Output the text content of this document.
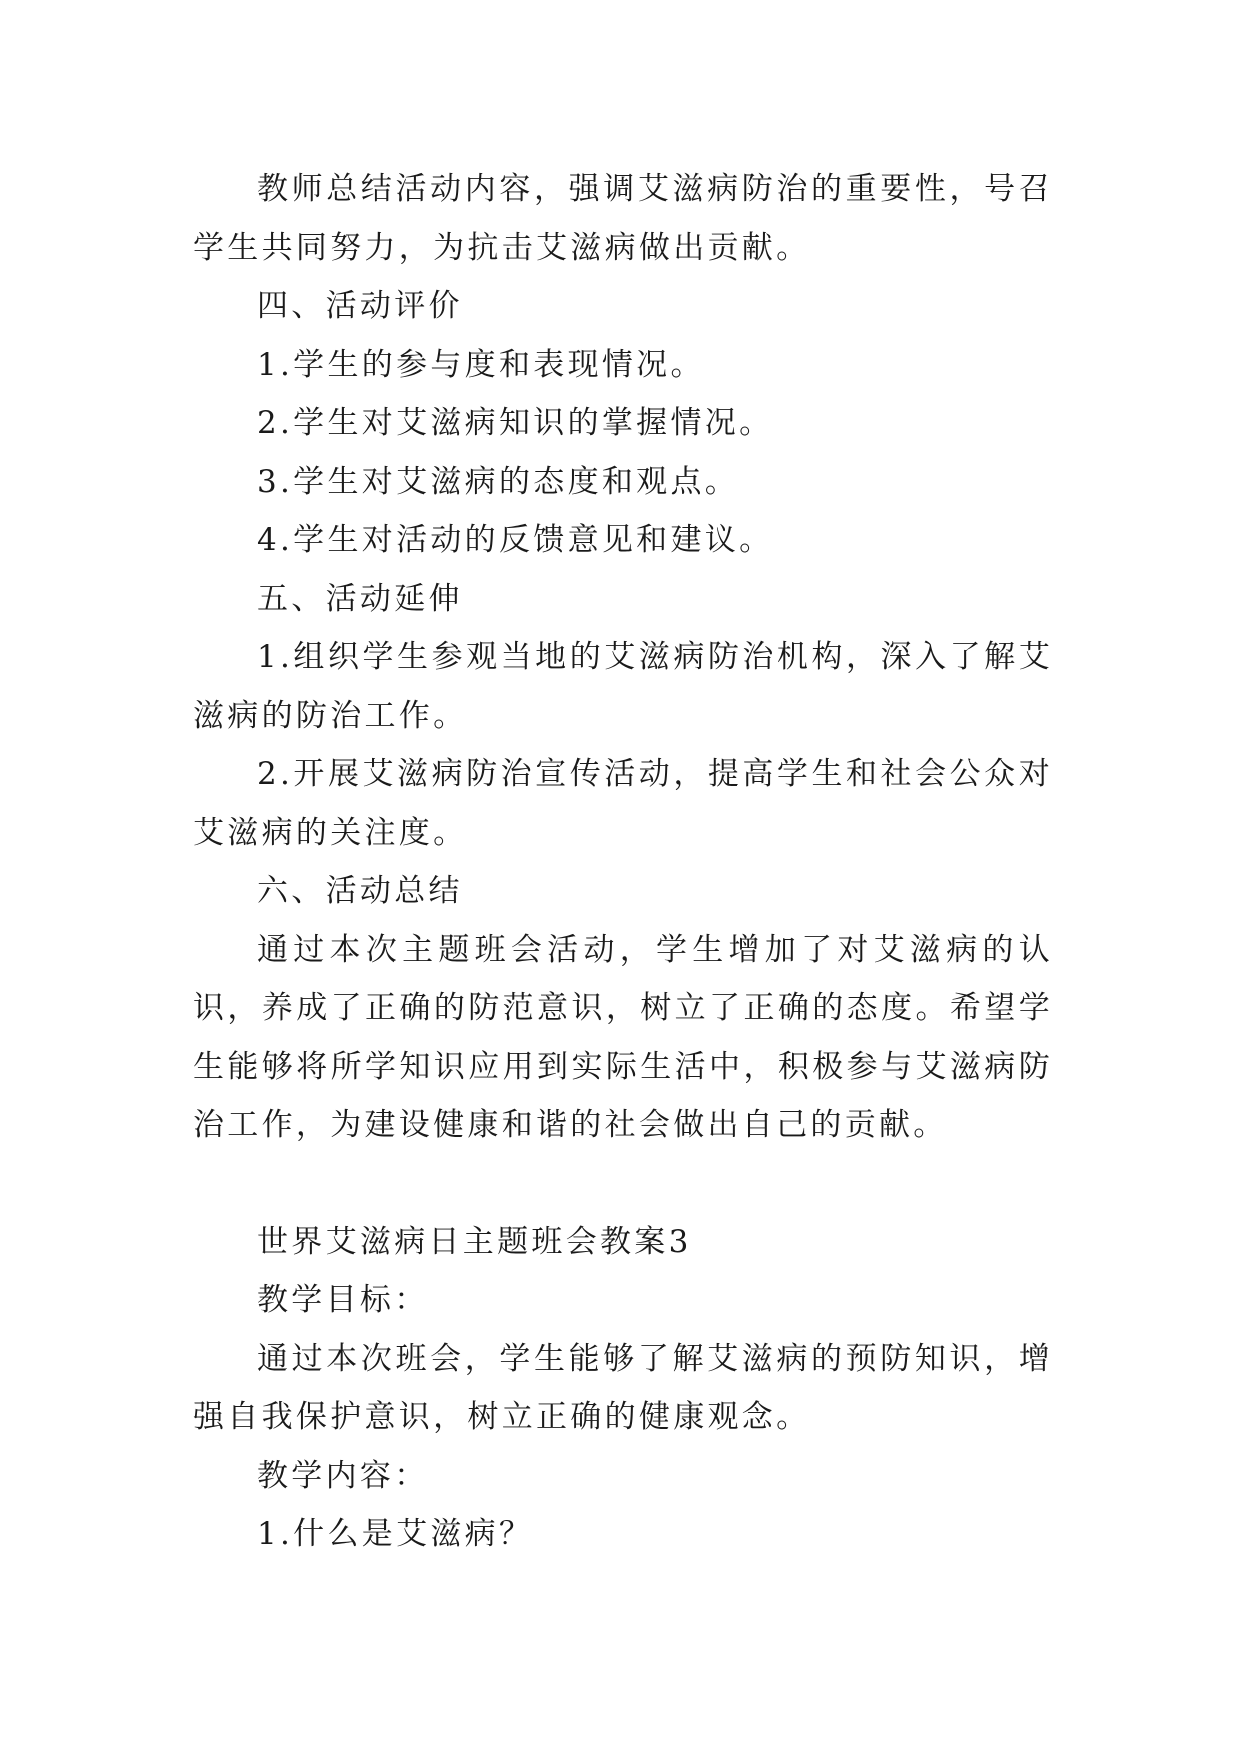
教师总结活动内容，强调艾滋病防治的重要性，号召学生共同努力，为抗击艾滋病做出贡献。

四、活动评价

1.学生的参与度和表现情况。

2.学生对艾滋病知识的掌握情况。

3.学生对艾滋病的态度和观点。

4.学生对活动的反馈意见和建议。

五、活动延伸

1.组织学生参观当地的艾滋病防治机构，深入了解艾滋病的防治工作。

2.开展艾滋病防治宣传活动，提高学生和社会公众对艾滋病的关注度。

六、活动总结

通过本次主题班会活动，学生增加了对艾滋病的认识，养成了正确的防范意识，树立了正确的态度。希望学生能够将所学知识应用到实际生活中，积极参与艾滋病防治工作，为建设健康和谐的社会做出自己的贡献。

世界艾滋病日主题班会教案3

教学目标：

通过本次班会，学生能够了解艾滋病的预防知识，增强自我保护意识，树立正确的健康观念。

教学内容：

1.什么是艾滋病？
